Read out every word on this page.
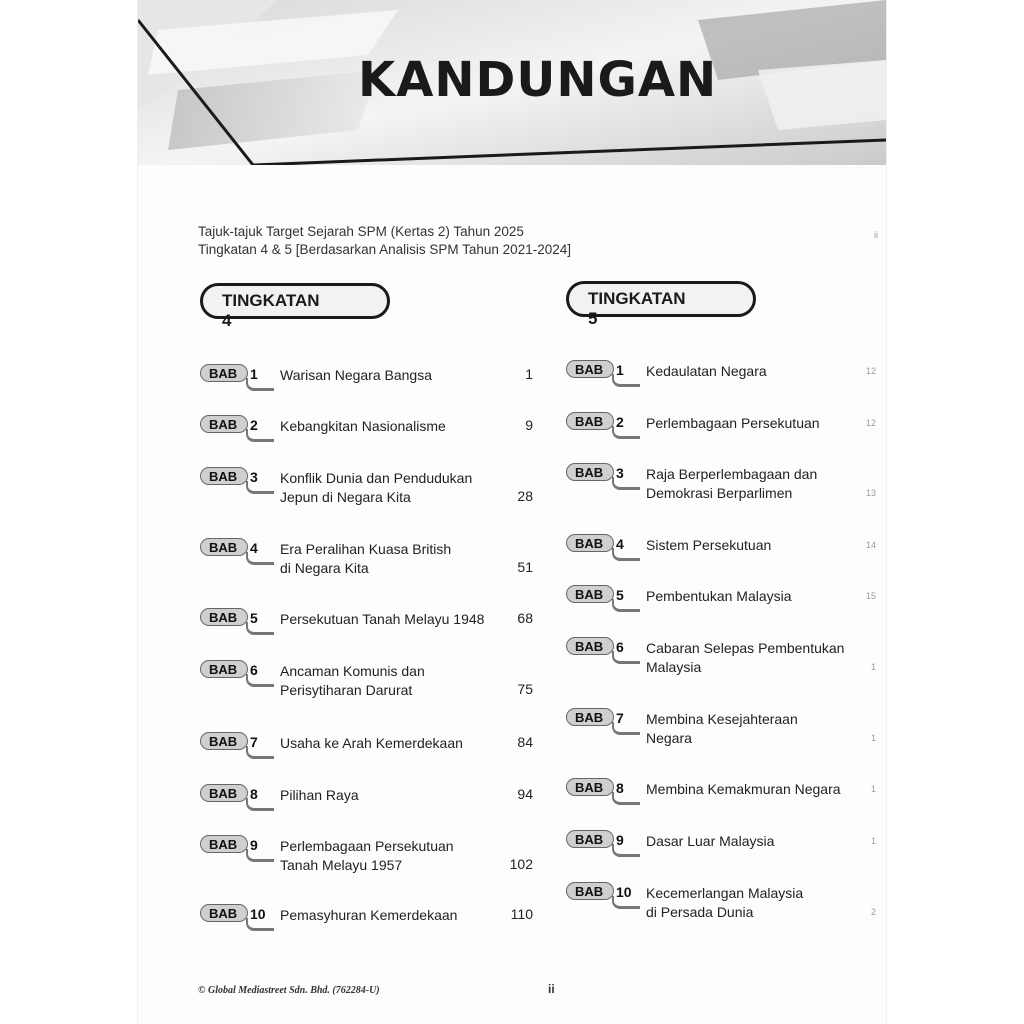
KANDUNGAN
Tajuk-tajuk Target Sejarah SPM (Kertas 2) Tahun 2025
Tingkatan 4 & 5 [Berdasarkan Analisis SPM Tahun 2021-2024]
ii
TINGKATAN 4
TINGKATAN 5
BAB 1 Warisan Negara Bangsa	1
BAB 2 Kebangkitan Nasionalisme	9
BAB 3 Konflik Dunia dan Pendudukan
Jepun di Negara Kita	28
BAB 4 Era Peralihan Kuasa British
di Negara Kita	51
BAB 5 Persekutuan Tanah Melayu 1948	68
BAB 6 Ancaman Komunis dan
Perisytiharan Darurat	75
BAB 7 Usaha ke Arah Kemerdekaan	84
BAB 8 Pilihan Raya	94
BAB 9 Perlembagaan Persekutuan
Tanah Melayu 1957	102
BAB 10 Pemasyhuran Kemerdekaan	110
BAB 1 Kedaulatan Negara	12
BAB 2 Perlembagaan Persekutuan	12
BAB 3 Raja Berperlembagaan dan
Demokrasi Berparlimen	13
BAB 4 Sistem Persekutuan	14
BAB 5 Pembentukan Malaysia	15
BAB 6 Cabaran Selepas Pembentukan
Malaysia	1
BAB 7 Membina Kesejahteraan
Negara	1
BAB 8 Membina Kemakmuran Negara	1
BAB 9 Dasar Luar Malaysia	1
BAB 10 Kecemerlangan Malaysia
di Persada Dunia	2
© Global Mediastreet Sdn. Bhd. (762284-U)	ii
